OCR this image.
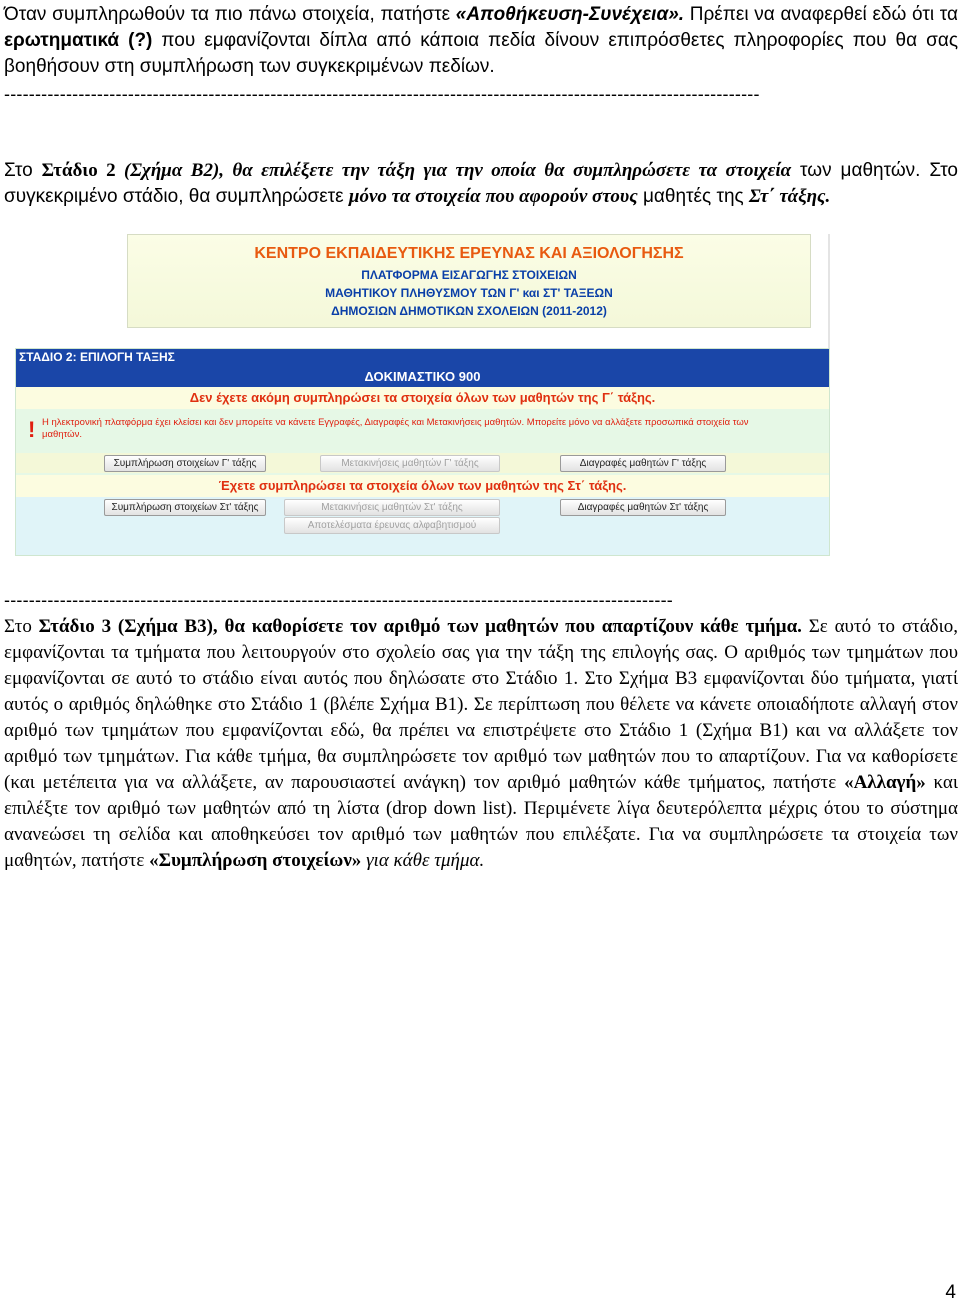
Όταν συμπληρωθούν τα πιο πάνω στοιχεία, πατήστε «Αποθήκευση-Συνέχεια». Πρέπει να αναφερθεί εδώ ότι τα ερωτηματικά (?) που εμφανίζονται δίπλα από κάποια πεδία δίνουν επιπρόσθετες πληροφορίες που θα σας βοηθήσουν στη συμπλήρωση των συγκεκριμένων πεδίων.
--------------------------------------------------------------------------------------------------------------------------
Στο Στάδιο 2 (Σχήμα Β2), θα επιλέξετε την τάξη για την οποία θα συμπληρώσετε τα στοιχεία των μαθητών. Στο συγκεκριμένο στάδιο, θα συμπληρώσετε μόνο τα στοιχεία που αφορούν στους μαθητές της Στ΄ τάξης.
ΚΕΝΤΡΟ ΕΚΠΑΙΔΕΥΤΙΚΗΣ ΕΡΕΥΝΑΣ ΚΑΙ ΑΞΙΟΛΟΓΗΣΗΣ
ΠΛΑΤΦΟΡΜΑ ΕΙΣΑΓΩΓΗΣ ΣΤΟΙΧΕΙΩΝ
ΜΑΘΗΤΙΚΟΥ ΠΛΗΘΥΣΜΟΥ ΤΩΝ Γ' και ΣΤ' ΤΑΞΕΩΝ
ΔΗΜΟΣΙΩΝ ΔΗΜΟΤΙΚΩΝ ΣΧΟΛΕΙΩΝ (2011-2012)
ΣΤΑΔΙΟ 2: ΕΠΙΛΟΓΗ ΤΑΞΗΣ
ΔΟΚΙΜΑΣΤΙΚΟ 900
Δεν έχετε ακόμη συμπληρώσει τα στοιχεία όλων των μαθητών της Γ΄ τάξης.
! Η ηλεκτρονική πλατφόρμα έχει κλείσει και δεν μπορείτε να κάνετε Εγγραφές, Διαγραφές και Μετακινήσεις μαθητών. Μπορείτε μόνο να αλλάξετε προσωπικά στοιχεία των
μαθητών.
Συμπλήρωση στοιχείων Γ' τάξης	Μετακινήσεις μαθητών Γ' τάξης	Διαγραφές μαθητών Γ' τάξης
Έχετε συμπληρώσει τα στοιχεία όλων των μαθητών της Στ΄ τάξης.
Συμπλήρωση στοιχείων Στ' τάξης	Μετακινήσεις μαθητών Στ' τάξης	Διαγραφές μαθητών Στ' τάξης
Αποτελέσματα έρευνας αλφαβητισμού
------------------------------------------------------------------------------------------------------------
Στο Στάδιο 3 (Σχήμα Β3), θα καθορίσετε τον αριθμό των μαθητών που απαρτίζουν κάθε τμήμα. Σε αυτό το στάδιο, εμφανίζονται τα τμήματα που λειτουργούν στο σχολείο σας για την τάξη της επιλογής σας. Ο αριθμός των τμημάτων που εμφανίζονται σε αυτό το στάδιο είναι αυτός που δηλώσατε στο Στάδιο 1. Στο Σχήμα Β3 εμφανίζονται δύο τμήματα, γιατί αυτός ο αριθμός δηλώθηκε στο Στάδιο 1 (βλέπε Σχήμα Β1). Σε περίπτωση που θέλετε να κάνετε οποιαδήποτε αλλαγή στον αριθμό των τμημάτων που εμφανίζονται εδώ, θα πρέπει να επιστρέψετε στο Στάδιο 1 (Σχήμα Β1) και να αλλάξετε τον αριθμό των τμημάτων. Για κάθε τμήμα, θα συμπληρώσετε τον αριθμό των μαθητών που το απαρτίζουν. Για να καθορίσετε (και μετέπειτα για να αλλάξετε, αν παρουσιαστεί ανάγκη) τον αριθμό μαθητών κάθε τμήματος, πατήστε «Αλλαγή» και επιλέξτε τον αριθμό των μαθητών από τη λίστα (drop down list). Περιμένετε λίγα δευτερόλεπτα μέχρις ότου το σύστημα ανανεώσει τη σελίδα και αποθηκεύσει τον αριθμό των μαθητών που επιλέξατε. Για να συμπληρώσετε τα στοιχεία των μαθητών, πατήστε «Συμπλήρωση στοιχείων» για κάθε τμήμα.
4
